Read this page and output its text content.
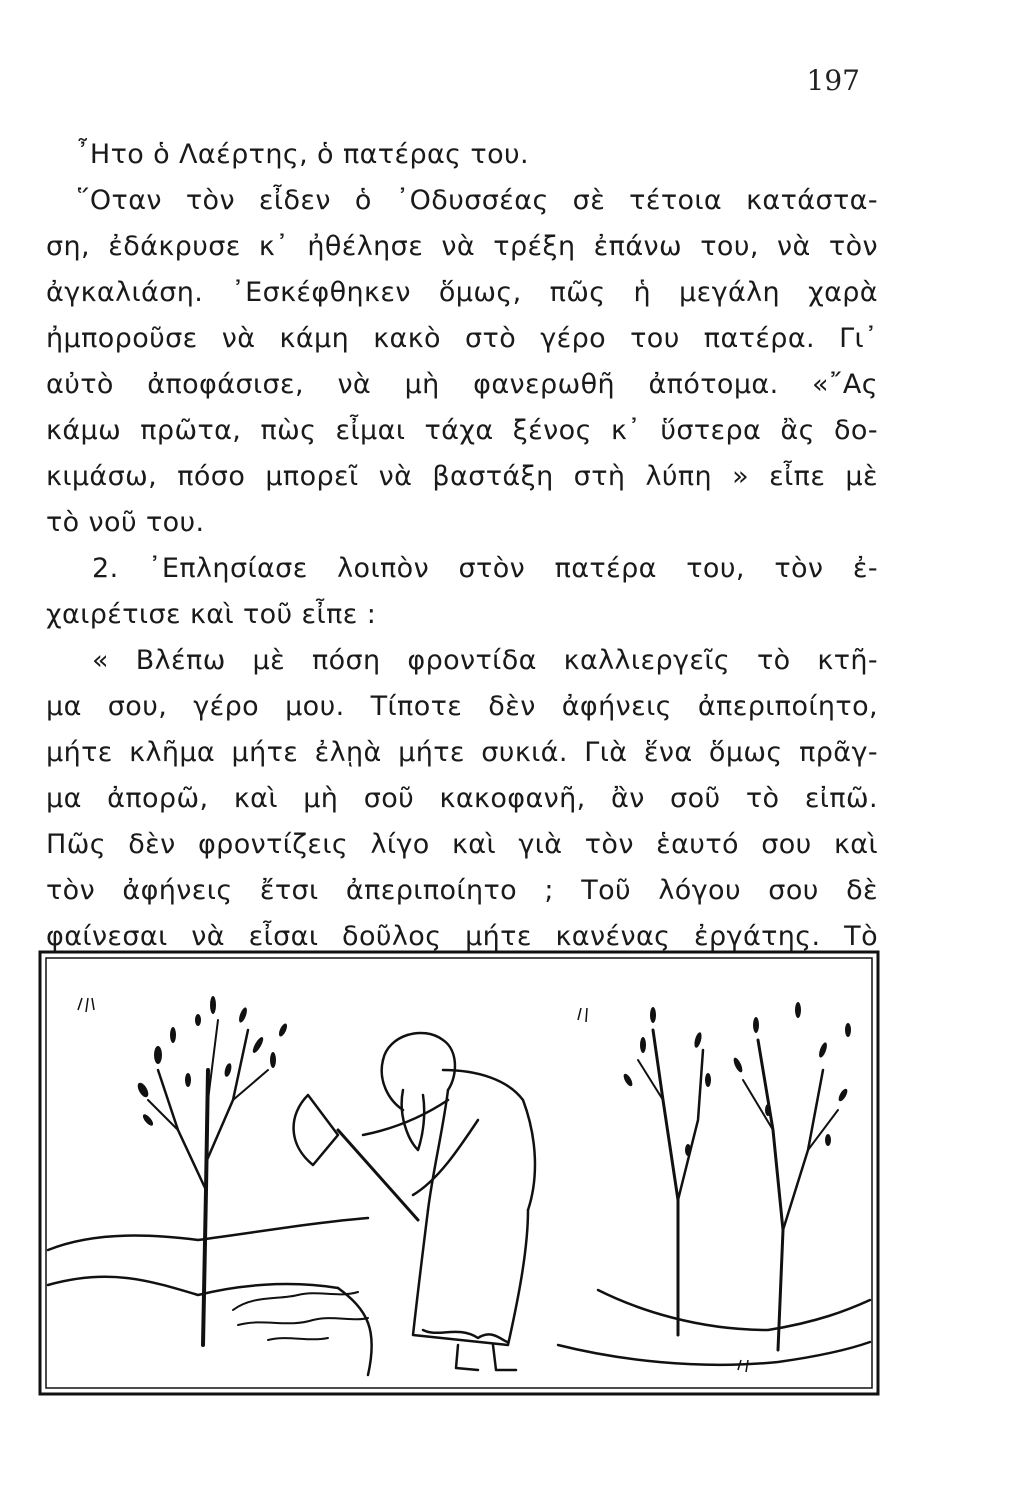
197
῏Ητο ὁ Λαέρτης, ὁ πατέρας του.
῞Οταν τὸν εἶδεν ὁ ᾿Οδυσσέας σὲ τέτοια κατάστα-
ση, ἐδάκρυσε κ᾿ ἠθέλησε νὰ τρέξη ἐπάνω του, νὰ τὸν
ἀγκαλιάση. ᾿Εσκέφθηκεν ὅμως, πῶς ἡ μεγάλη χαρὰ
ἠμποροῦσε νὰ κάμη κακὸ στὸ γέρο του πατέρα. Γι᾿
αὐτὸ ἀποφάσισε, νὰ μὴ φανερωθῆ ἀπότομα. «῎Ας
κάμω πρῶτα, πὼς εἶμαι τάχα ξένος κ᾿ ὕστερα ἂς δο-
κιμάσω, πόσο μπορεῖ νὰ βαστάξη στὴ λύπη » εἶπε μὲ
τὸ νοῦ του.
2. ᾿Επλησίασε λοιπὸν στὸν πατέρα του, τὸν ἐ-
χαιρέτισε καὶ τοῦ εἶπε :
« Βλέπω μὲ πόση φροντίδα καλλιεργεῖς τὸ κτῆ-
μα σου, γέρο μου. Τίποτε δὲν ἀφήνεις ἀπεριποίητο,
μήτε κλῆμα μήτε ἐλῃὰ μήτε συκιά. Γιὰ ἕνα ὅμως πρᾶγ-
μα ἀπορῶ, καὶ μὴ σοῦ κακοφανῆ, ἂν σοῦ τὸ εἰπῶ.
Πῶς δὲν φροντίζεις λίγο καὶ γιὰ τὸν ἑαυτό σου καὶ
τὸν ἀφήνεις ἔτσι ἀπεριποίητο ; Τοῦ λόγου σου δὲ
φαίνεσαι νὰ εἶσαι δοῦλος μήτε κανένας ἐργάτης. Τὸ
